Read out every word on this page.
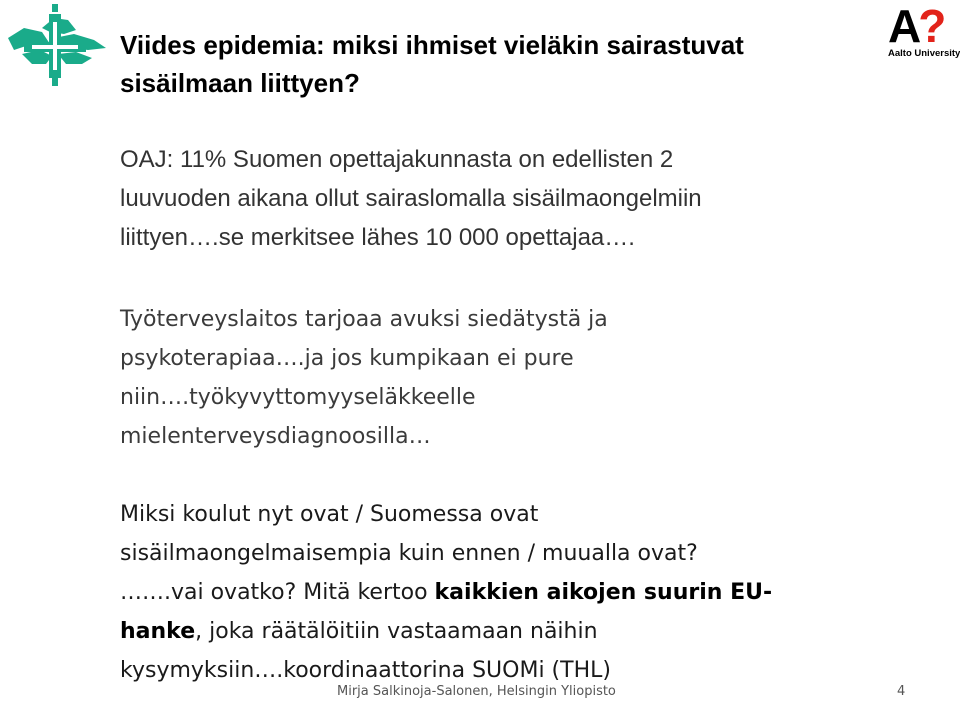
A?
Aalto University
Viides epidemia: miksi ihmiset vieläkin sairastuvat
sisäilmaan liittyen?

OAJ: 11% Suomen opettajakunnasta on edellisten 2
luuvuoden aikana ollut sairaslomalla sisäilmaongelmiin
liittyen….se merkitsee lähes 10 000 opettajaa….

Työterveyslaitos tarjoaa avuksi siedätystä ja
psykoterapiaa….ja jos kumpikaan ei pure
niin….työkyvyttomyyseläkkeelle
mielenterveysdiagnoosilla…

Miksi koulut nyt ovat / Suomessa ovat
sisäilmaongelmaisempia kuin ennen / muualla ovat?
…….vai ovatko? Mitä kertoo kaikkien aikojen suurin EU-
hanke, joka räätälöitiin vastaamaan näihin
kysymyksiin….koordinaattorina SUOMi (THL)

Mirja Salkinoja-Salonen, Helsingin Yliopisto	4
